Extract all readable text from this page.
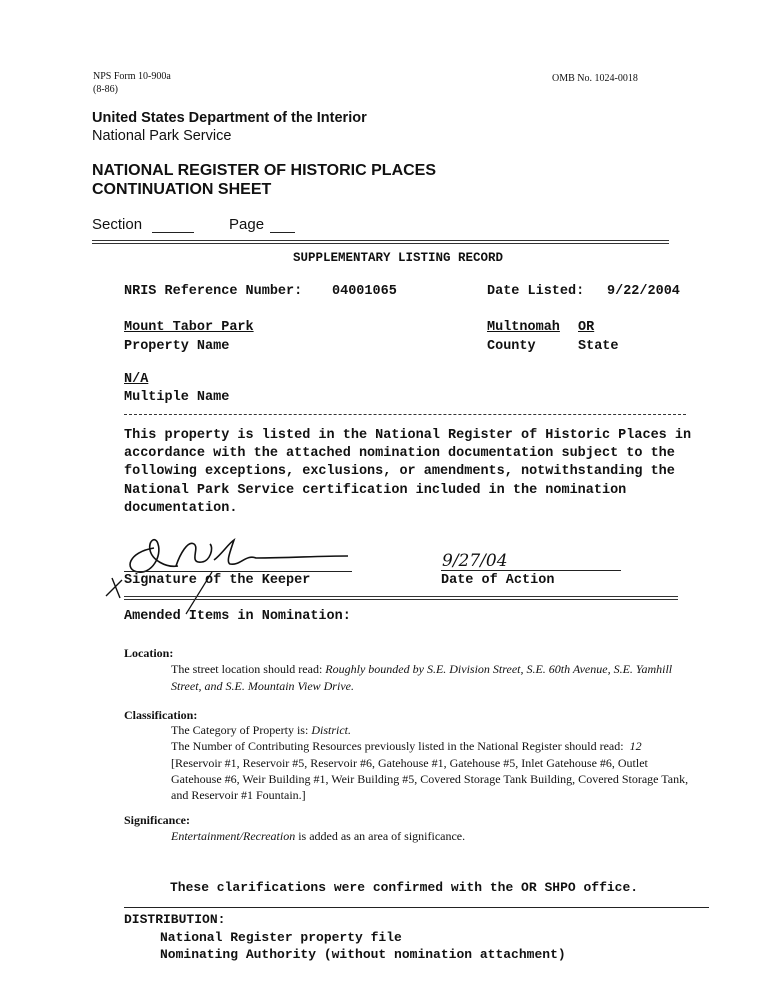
NPS Form 10-900a
(8-86)
OMB No. 1024-0018
United States Department of the Interior
National Park Service
NATIONAL REGISTER OF HISTORIC PLACES
CONTINUATION SHEET
Section	Page
SUPPLEMENTARY LISTING RECORD
NRIS Reference Number: 04001065	Date Listed: 9/22/2004
Mount Tabor Park
Property Name
Multnomah
County
OR
State
N/A
Multiple Name
This property is listed in the National Register of Historic Places in accordance with the attached nomination documentation subject to the following exceptions, exclusions, or amendments, notwithstanding the National Park Service certification included in the nomination documentation.
9/27/04
Signature of the Keeper	Date of Action
Amended Items in Nomination:
Location:
The street location should read: Roughly bounded by S.E. Division Street, S.E. 60th Avenue, S.E. Yamhill Street, and S.E. Mountain View Drive.
Classification:
The Category of Property is: District.
The Number of Contributing Resources previously listed in the National Register should read: 12
[Reservoir #1, Reservoir #5, Reservoir #6, Gatehouse #1, Gatehouse #5, Inlet Gatehouse #6, Outlet Gatehouse #6, Weir Building #1, Weir Building #5, Covered Storage Tank Building, Covered Storage Tank, and Reservoir #1 Fountain.]
Significance:
Entertainment/Recreation is added as an area of significance.
These clarifications were confirmed with the OR SHPO office.
DISTRIBUTION:
National Register property file
Nominating Authority (without nomination attachment)
